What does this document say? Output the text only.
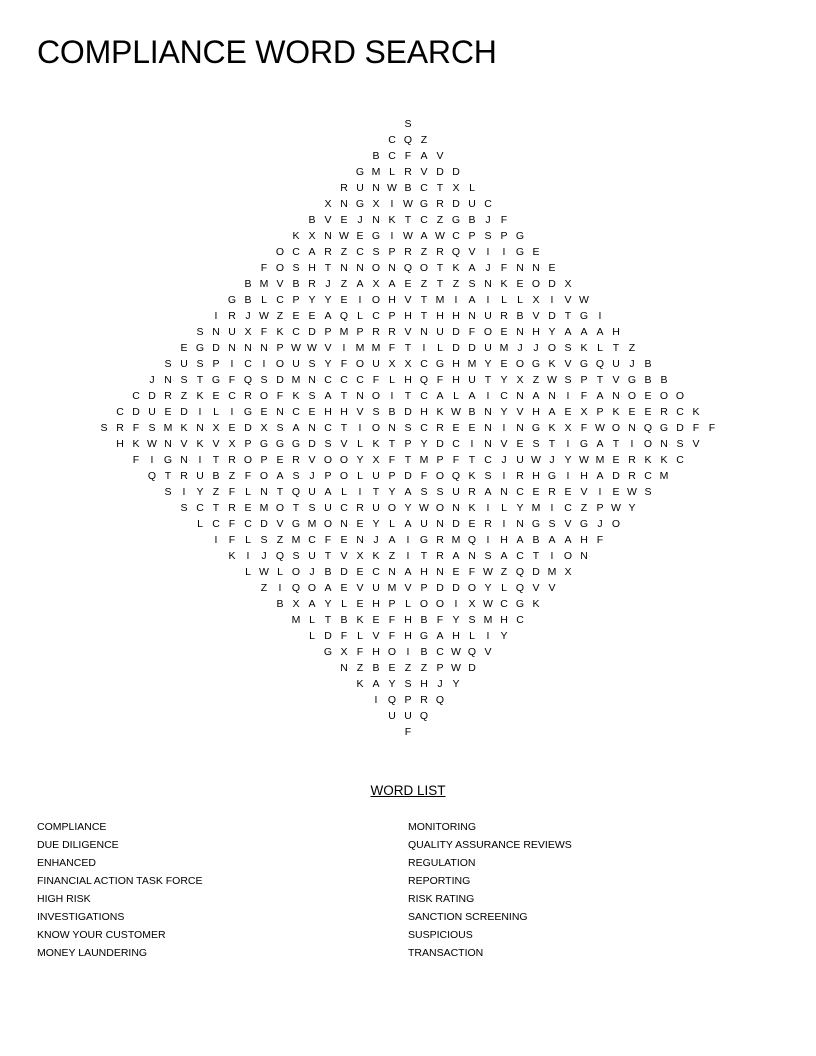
COMPLIANCE WORD SEARCH
S
C Q Z
B C F A V
G M L R V D D
R U N W B C T X L
X N G X I W G R D U C
B V E J N K T C Z G B J F
K X N W E G I W A W C P S P G
O C A R Z C S P R Z R Q V I I G E
F O S H T N N O N Q O T K A J F N N E
B M V B R J Z A X A E Z T Z S N K E O D X
G B L C P Y Y E I O H V T M I A I L L X I V W
I R J W Z E E A Q L C P H T H H N U R B V D T G I
S N U X F K C D P M P R R V N U D F O E N H Y A A A H
E G D N N N P W W V I M M F T I L D D U M J J O S K L T Z
S U S P I C I O U S Y F O U X X C G H M Y E O G K V G Q U J B
J N S T G F Q S D M N C C C F L H Q F H U T Y X Z W S P T V G B B
C D R Z K E C R O F K S A T N O I T C A L A I C N A N I F A N O E O O
C D U E D I L I G E N C E H H V S B D H K W B N Y V H A E X P K E E R C K
S R F S M K N X E D X S A N C T I O N S C R E E N I N G K X F W O N Q G D F F
H K W N V K V X P G G G D S V L K T P Y D C I N V E S T I G A T I O N S V
F I G N I T R O P E R V O O Y X F T M P F T C J U W J Y W M E R K K C
Q T R U B Z F O A S J P O L U P D F O Q K S I R H G I H A D R C M
S I Y Z F L N T Q U A L I T Y A S S U R A N C E R E V I E W S
S C T R E M O T S U C R U O Y W O N K I L Y M I C Z P W Y
L C F C D V G M O N E Y L A U N D E R I N G S V G J O
I F L S Z M C F E N J A I G R M Q I H A B A A H F
K I J Q S U T V X K Z I T R A N S A C T I O N
L W L O J B D E C N A H N E F W Z Q D M X
Z I Q O A E V U M V P D D O Y L Q V V
B X A Y L E H P L O O I X W C G K
M L T B K E F H B F Y S M H C
L D F L V F H G A H L I Y
G X F H O I B C W Q V
N Z B E Z Z P W D
K A Y S H J Y
I Q P R Q
U U Q
F
WORD LIST
COMPLIANCE
DUE DILIGENCE
ENHANCED
FINANCIAL ACTION TASK FORCE
HIGH RISK
INVESTIGATIONS
KNOW YOUR CUSTOMER
MONEY LAUNDERING
MONITORING
QUALITY ASSURANCE REVIEWS
REGULATION
REPORTING
RISK RATING
SANCTION SCREENING
SUSPICIOUS
TRANSACTION
